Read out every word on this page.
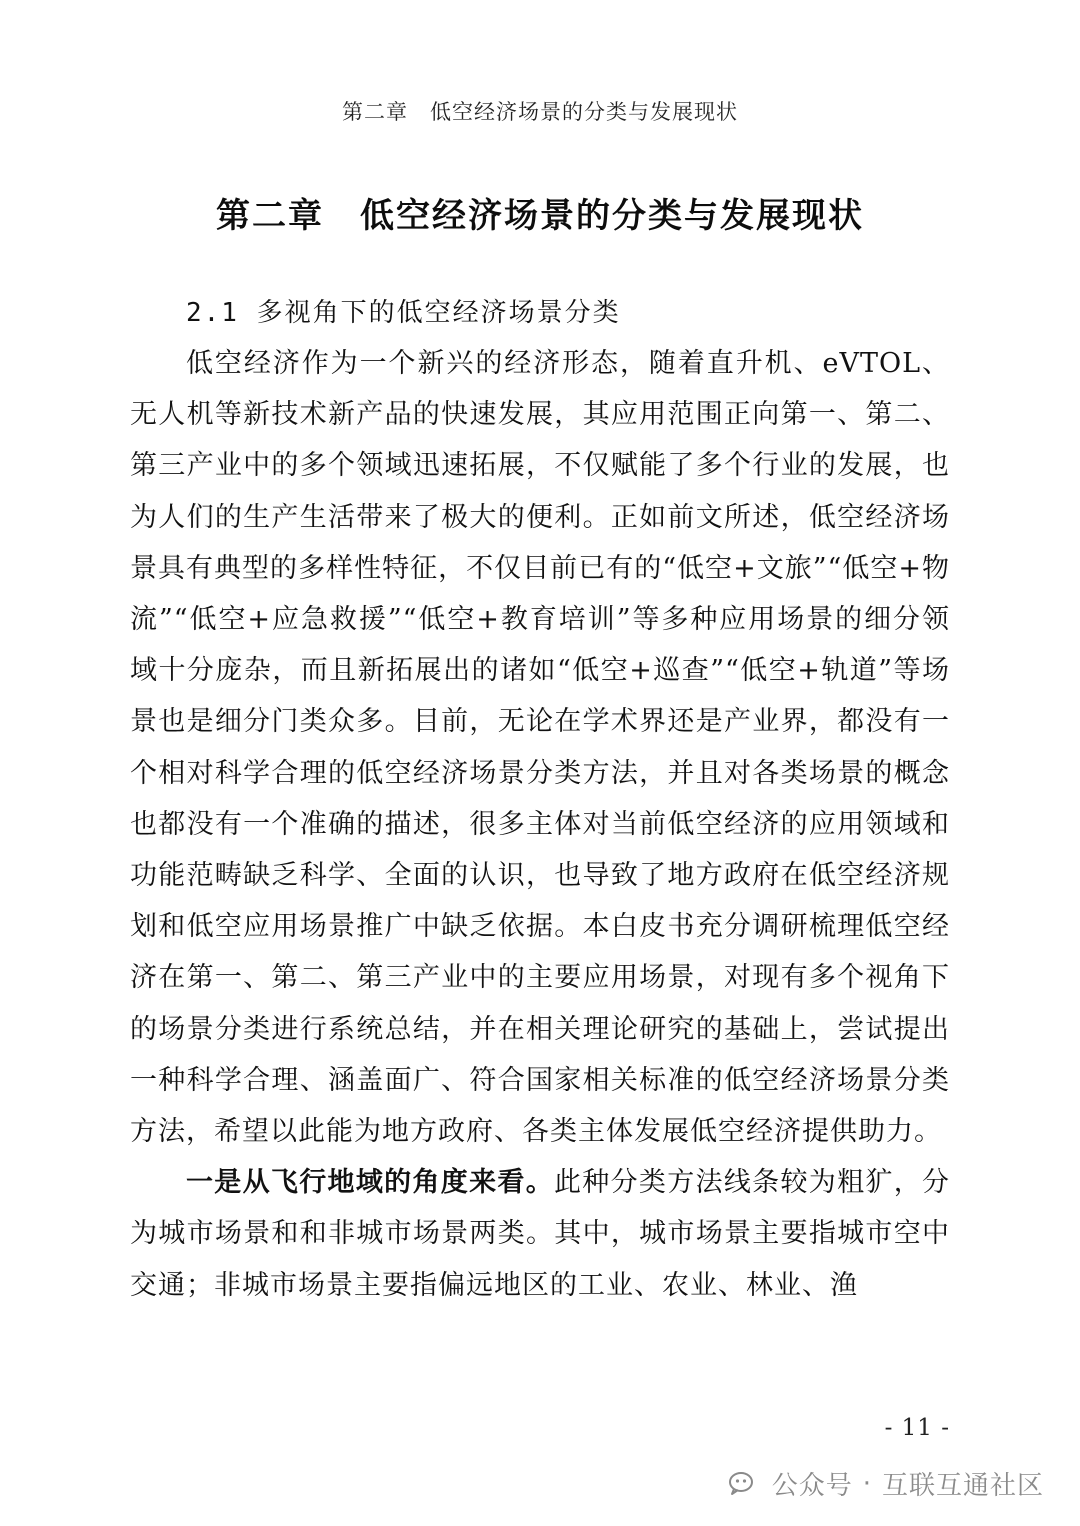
第二章　低空经济场景的分类与发展现状
第二章　低空经济场景的分类与发展现状
2.1 多视角下的低空经济场景分类

低空经济作为一个新兴的经济形态，随着直升机、eVTOL、无人机等新技术新产品的快速发展，其应用范围正向第一、第二、第三产业中的多个领域迅速拓展，不仅赋能了多个行业的发展，也为人们的生产生活带来了极大的便利。正如前文所述，低空经济场景具有典型的多样性特征，不仅目前已有的“低空+文旅”“低空+物流”“低空+应急救援”“低空+教育培训”等多种应用场景的细分领域十分庞杂，而且新拓展出的诸如“低空+巡查”“低空+轨道”等场景也是细分门类众多。目前，无论在学术界还是产业界，都没有一个相对科学合理的低空经济场景分类方法，并且对各类场景的概念也都没有一个准确的描述，很多主体对当前低空经济的应用领域和功能范畴缺乏科学、全面的认识，也导致了地方政府在低空经济规划和低空应用场景推广中缺乏依据。本白皮书充分调研梳理低空经济在第一、第二、第三产业中的主要应用场景，对现有多个视角下的场景分类进行系统总结，并在相关理论研究的基础上，尝试提出一种科学合理、涵盖面广、符合国家相关标准的低空经济场景分类方法，希望以此能为地方政府、各类主体发展低空经济提供助力。

一是从飞行地域的角度来看。此种分类方法线条较为粗犷，分为城市场景和和非城市场景两类。其中，城市场景主要指城市空中交通；非城市场景主要指偏远地区的工业、农业、林业、渔

- 11 -
公众号 · 互联互通社区
